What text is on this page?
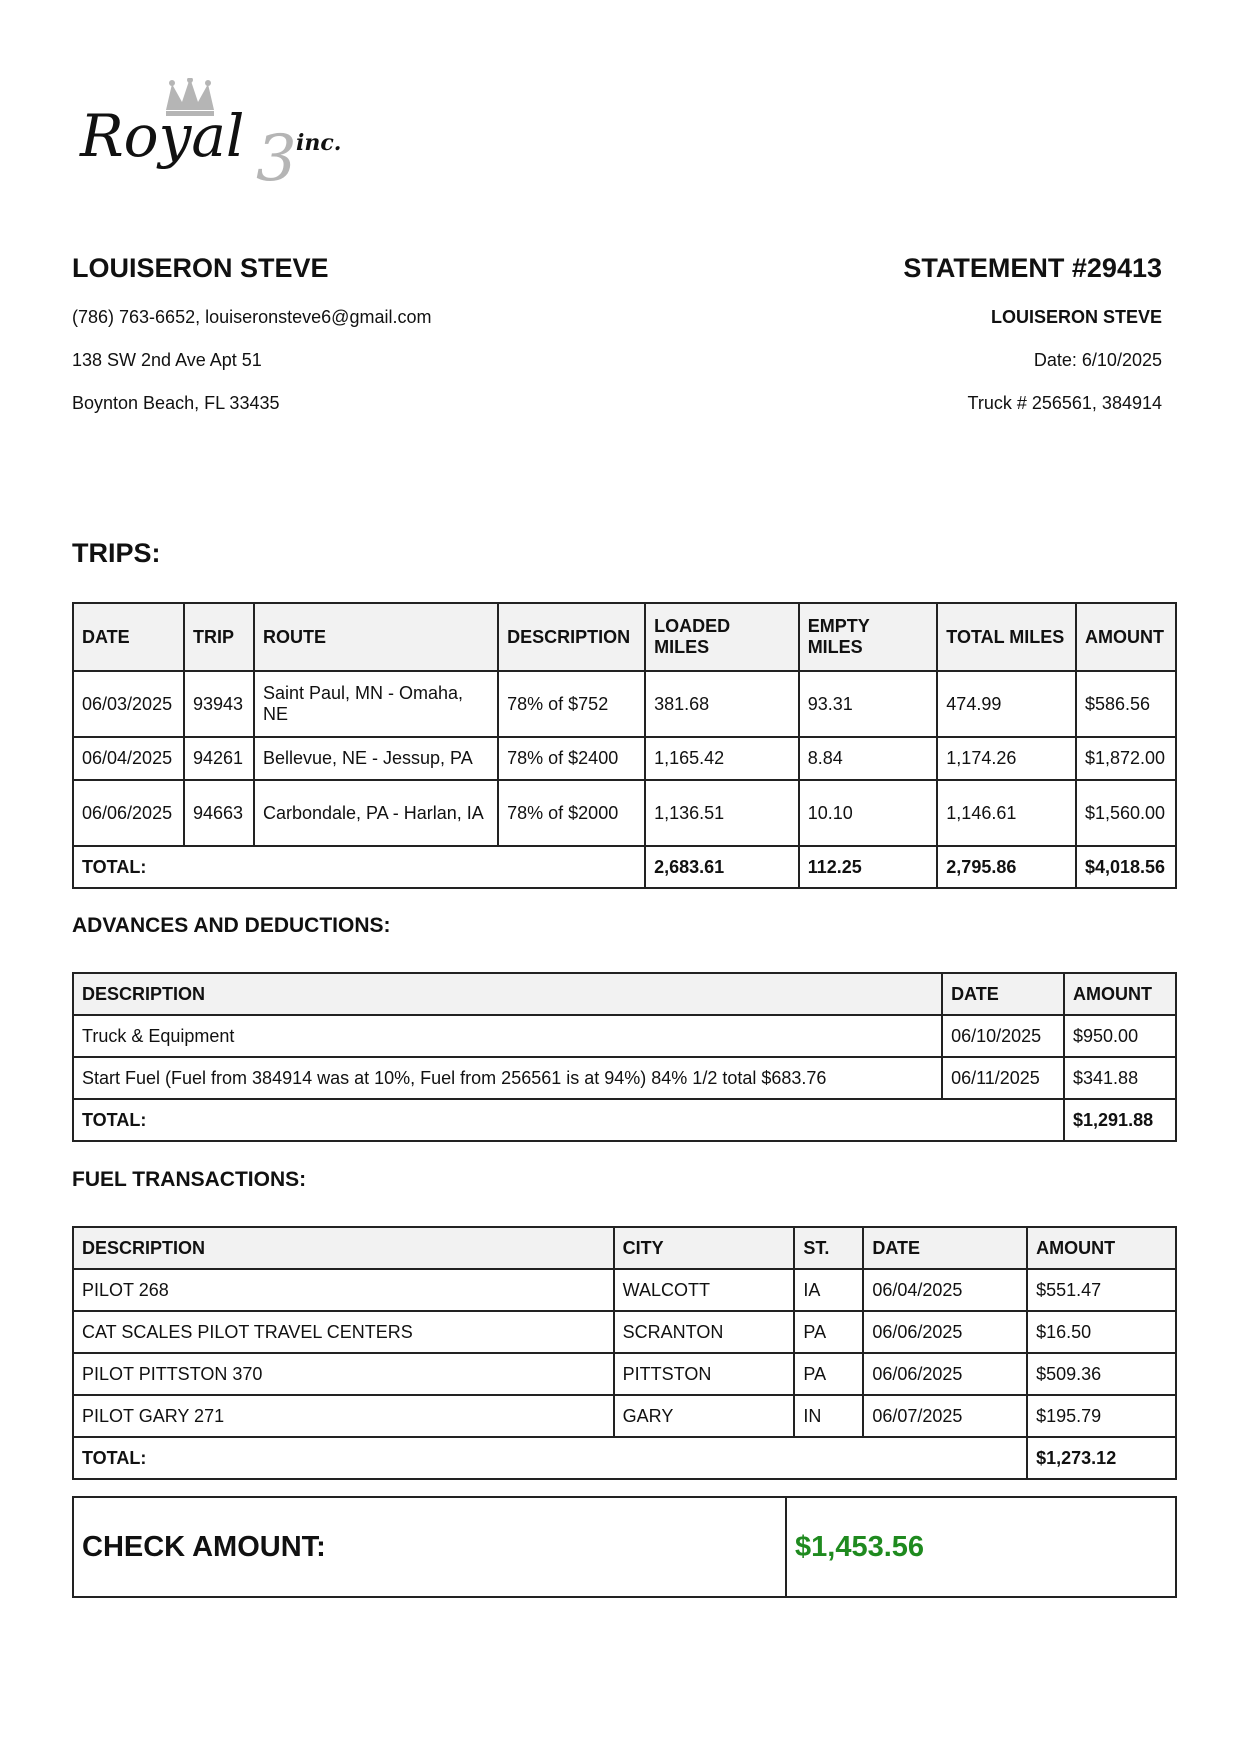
Royal 3 inc.

LOUISERON STEVE

(786) 763-6652, louiseronsteve6@gmail.com

138 SW 2nd Ave Apt 51

Boynton Beach, FL 33435

STATEMENT #29413

LOUISERON STEVE

Date: 6/10/2025

Truck # 256561, 384914

TRIPS:

DATE	TRIP	ROUTE	DESCRIPTION	LOADED MILES	EMPTY MILES	TOTAL MILES	AMOUNT
06/03/2025	93943	Saint Paul, MN - Omaha, NE	78% of $752	381.68	93.31	474.99	$586.56
06/04/2025	94261	Bellevue, NE - Jessup, PA	78% of $2400	1,165.42	8.84	1,174.26	$1,872.00
06/06/2025	94663	Carbondale, PA - Harlan, IA	78% of $2000	1,136.51	10.10	1,146.61	$1,560.00
TOTAL:				2,683.61	112.25	2,795.86	$4,018.56

ADVANCES AND DEDUCTIONS:

DESCRIPTION	DATE	AMOUNT
Truck & Equipment	06/10/2025	$950.00
Start Fuel (Fuel from 384914 was at 10%, Fuel from 256561 is at 94%) 84% 1/2 total $683.76	06/11/2025	$341.88
TOTAL:		$1,291.88

FUEL TRANSACTIONS:

DESCRIPTION	CITY	ST.	DATE	AMOUNT
PILOT 268	WALCOTT	IA	06/04/2025	$551.47
CAT SCALES PILOT TRAVEL CENTERS	SCRANTON	PA	06/06/2025	$16.50
PILOT PITTSTON 370	PITTSTON	PA	06/06/2025	$509.36
PILOT GARY 271	GARY	IN	06/07/2025	$195.79
TOTAL:				$1,273.12
CHECK AMOUNT:	$1,453.56
